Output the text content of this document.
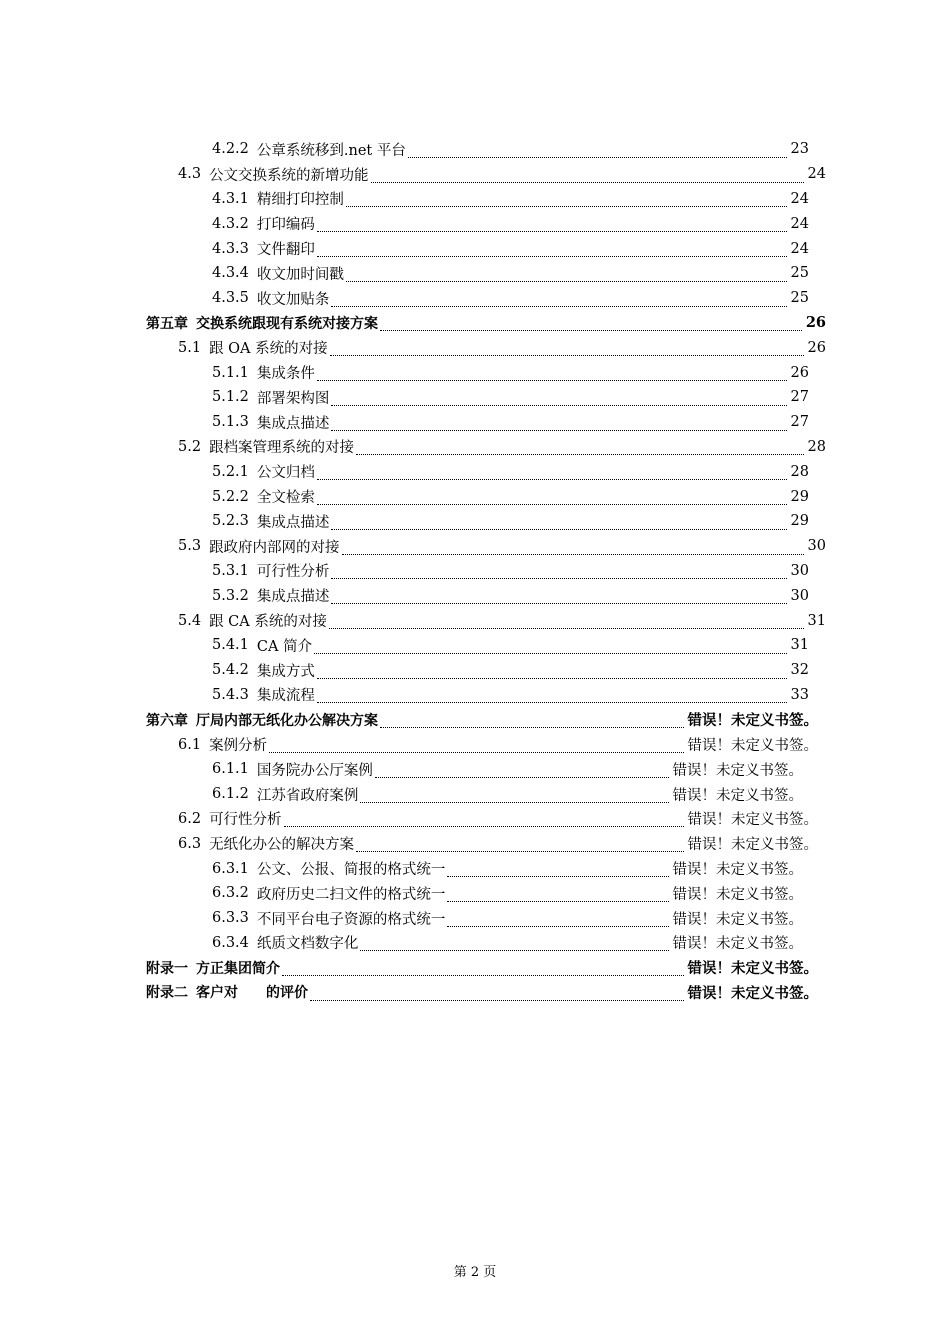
4.2.2 公章系统移到.net 平台	23
4.3 公文交换系统的新增功能	24
4.3.1 精细打印控制	24
4.3.2 打印编码	24
4.3.3 文件翻印	24
4.3.4 收文加时间戳	25
4.3.5 收文加贴条	25
第五章 交换系统跟现有系统对接方案	26
5.1 跟 OA 系统的对接	26
5.1.1 集成条件	26
5.1.2 部署架构图	27
5.1.3 集成点描述	27
5.2 跟档案管理系统的对接	28
5.2.1 公文归档	28
5.2.2 全文检索	29
5.2.3 集成点描述	29
5.3 跟政府内部网的对接	30
5.3.1 可行性分析	30
5.3.2 集成点描述	30
5.4 跟 CA 系统的对接	31
5.4.1 CA 简介	31
5.4.2 集成方式	32
5.4.3 集成流程	33
第六章 厅局内部无纸化办公解决方案	错误！未定义书签。
6.1 案例分析	错误！未定义书签。
6.1.1 国务院办公厅案例	错误！未定义书签。
6.1.2 江苏省政府案例	错误！未定义书签。
6.2 可行性分析	错误！未定义书签。
6.3 无纸化办公的解决方案	错误！未定义书签。
6.3.1 公文、公报、简报的格式统一	错误！未定义书签。
6.3.2 政府历史二扫文件的格式统一	错误！未定义书签。
6.3.3 不同平台电子资源的格式统一	错误！未定义书签。
6.3.4 纸质文档数字化	错误！未定义书签。
附录一 方正集团简介	错误！未定义书签。
附录二 客户对　　的评价	错误！未定义书签。
第 2 页
